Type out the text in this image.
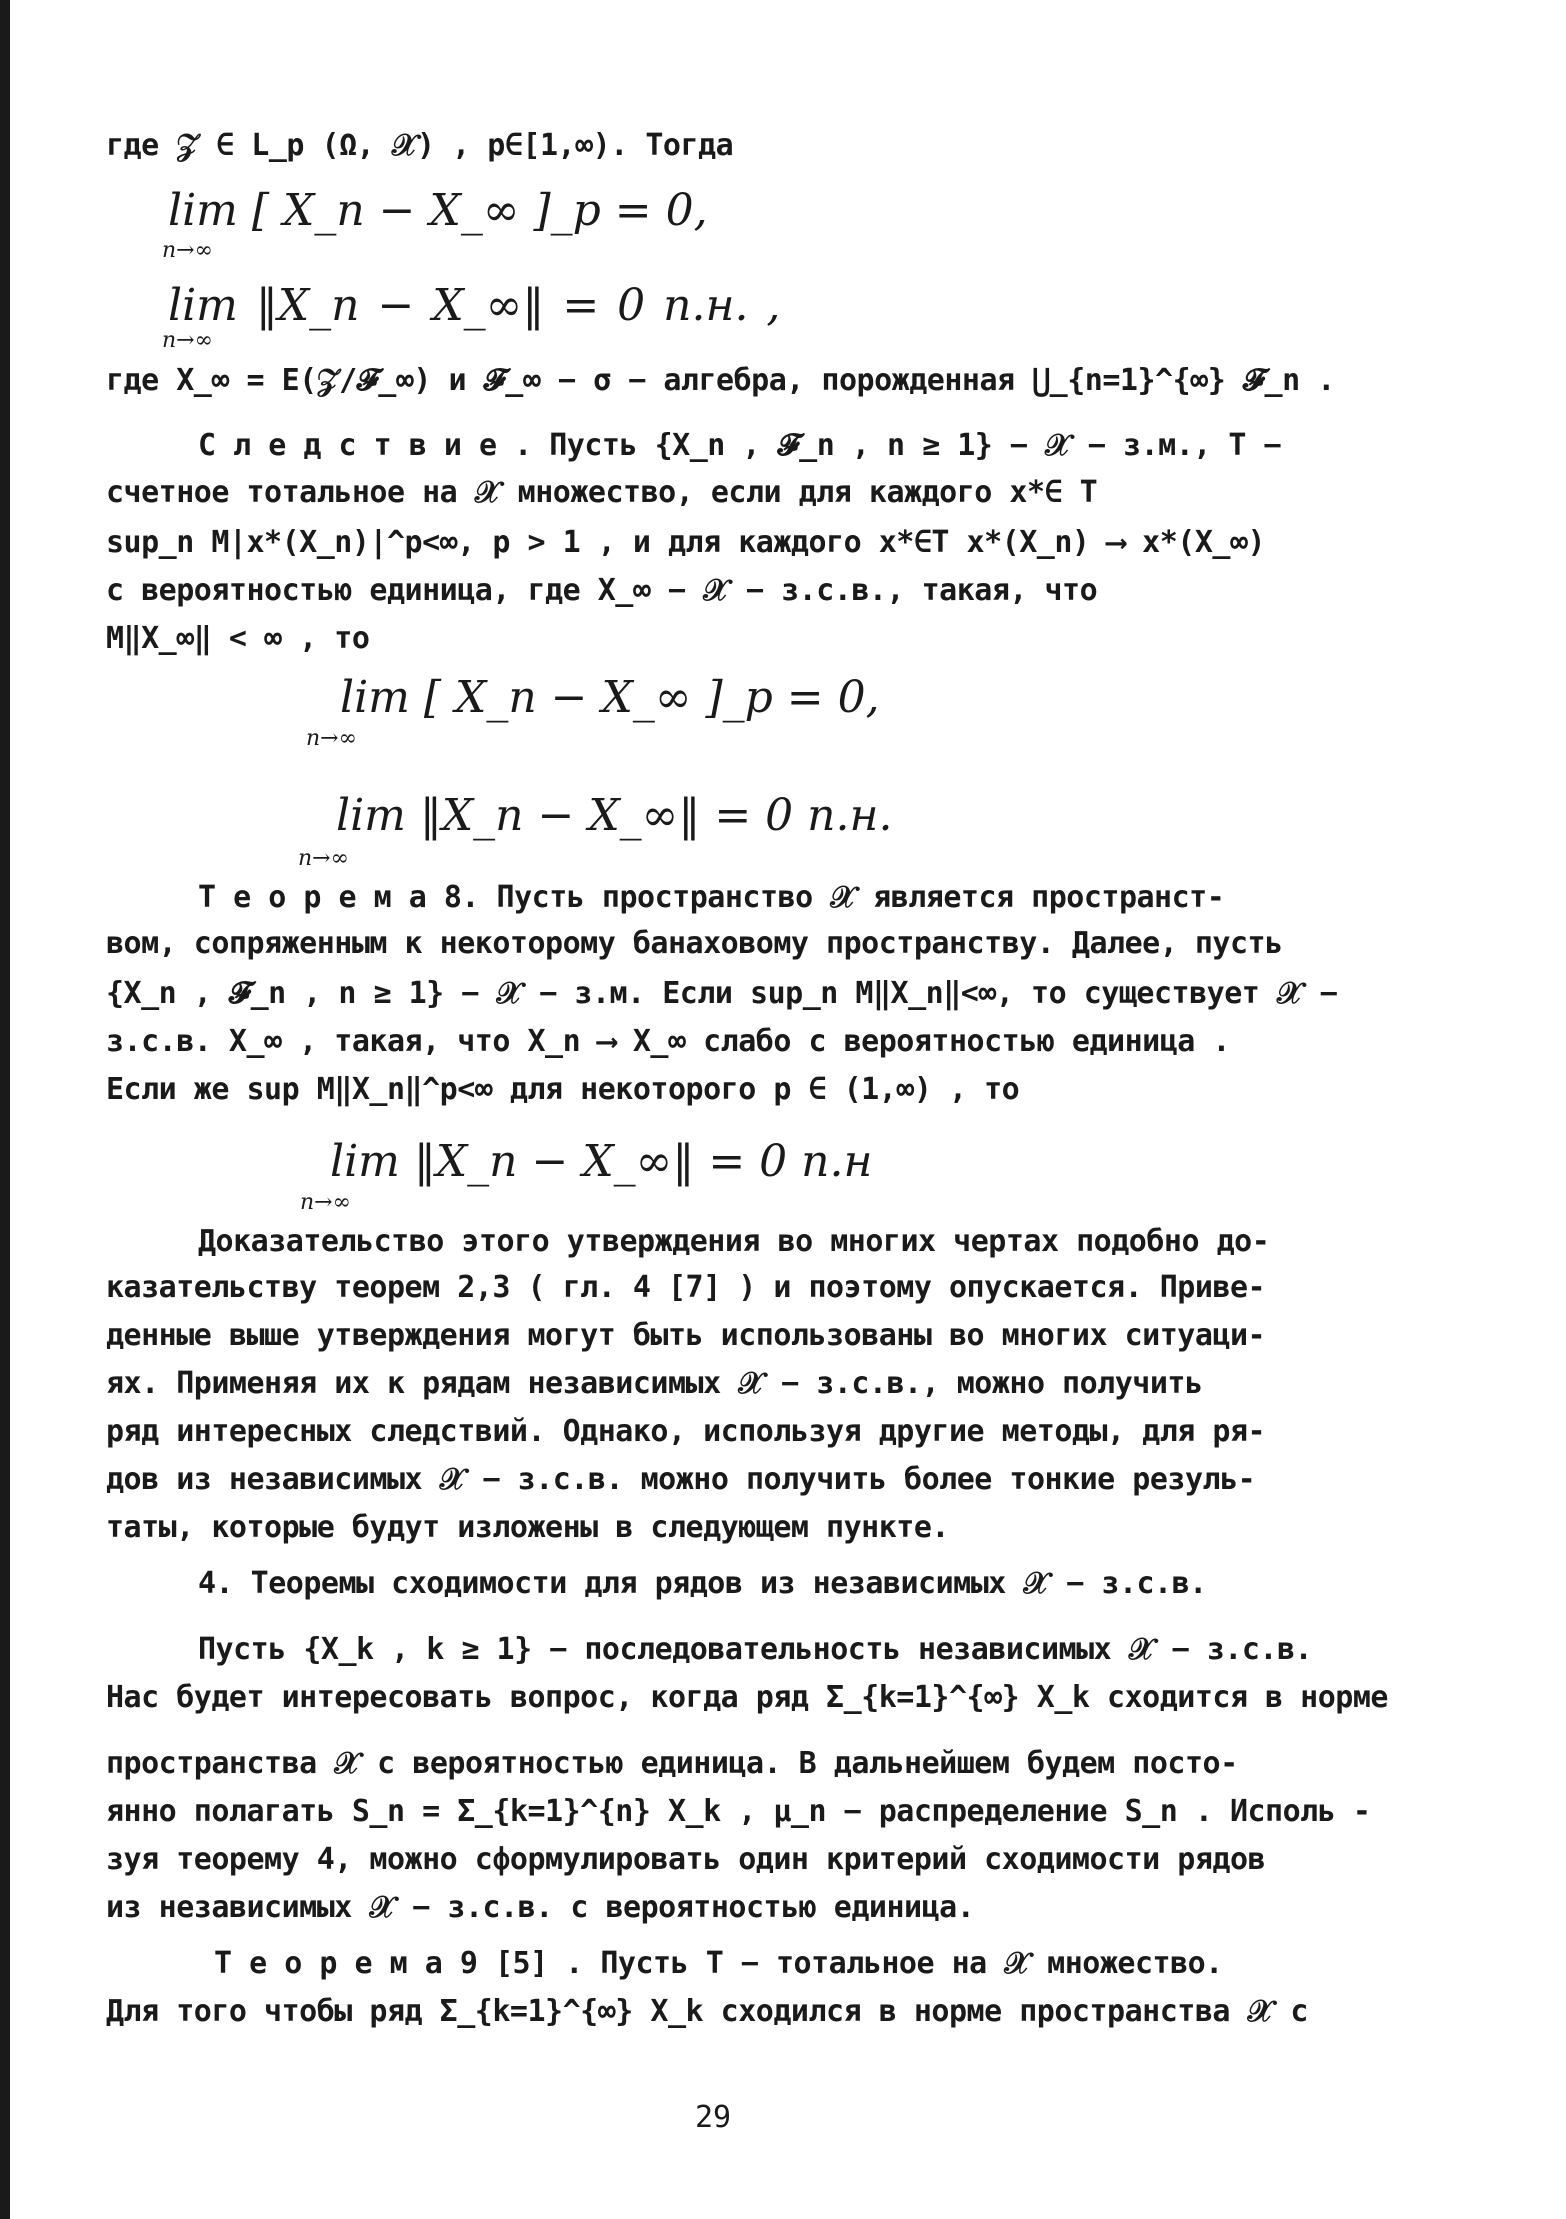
где 𝒵 ∈ L_p (Ω, 𝒳) , p∈[1,∞). Тогда
lim [ X_n − X_∞ ]_p = 0,
n→∞
lim ‖X_n − X_∞‖ = 0 п.н. ,
n→∞
где X_∞ = E(𝒵/𝓕_∞) и 𝓕_∞ − σ − алгебра, порожденная ⋃_{n=1}^{∞} 𝓕_n .
С л е д с т в и е . Пусть {X_n , 𝓕_n , n ≥ 1} − 𝒳 − з.м., T −
счетное тотальное на 𝒳 множество, если для каждого x*∈ T
sup_n M|x*(X_n)|^p<∞, p > 1 , и для каждого x*∈T x*(X_n) ⟶ x*(X_∞)
с вероятностью единица, где X_∞ − 𝒳 − з.с.в., такая, что
M‖X_∞‖ < ∞ , то
lim [ X_n − X_∞ ]_p = 0,
n→∞
lim ‖X_n − X_∞‖ = 0 п.н.
n→∞
Т е о р е м а 8. Пусть пространство 𝒳 является пространст-
вом, сопряженным к некоторому банаховому пространству. Далее, пусть
{X_n , 𝓕_n , n ≥ 1} − 𝒳 − з.м. Если sup_n M‖X_n‖<∞, то существует 𝒳 −
з.с.в. X_∞ , такая, что X_n ⟶ X_∞ слабо с вероятностью единица .
Если же sup M‖X_n‖^p<∞ для некоторого p ∈ (1,∞) , то
lim ‖X_n − X_∞‖ = 0 п.н
n→∞
Доказательство этого утверждения во многих чертах подобно до-
казательству теорем 2,3 ( гл. 4 [7] ) и поэтому опускается. Приве-
денные выше утверждения могут быть использованы во многих ситуаци-
ях. Применяя их к рядам независимых 𝒳 − з.с.в., можно получить
ряд интересных следствий. Однако, используя другие методы, для ря-
дов из независимых 𝒳 − з.с.в. можно получить более тонкие резуль-
таты, которые будут изложены в следующем пункте.
4. Теоремы сходимости для рядов из независимых 𝒳 − з.с.в.
Пусть {X_k , k ≥ 1} − последовательность независимых 𝒳 − з.с.в.
Нас будет интересовать вопрос, когда ряд Σ_{k=1}^{∞} X_k сходится в норме
пространства 𝒳 с вероятностью единица. В дальнейшем будем посто-
янно полагать S_n = Σ_{k=1}^{n} X_k , μ_n − распределение S_n . Исполь -
зуя теорему 4, можно сформулировать один критерий сходимости рядов
из независимых 𝒳 − з.с.в. с вероятностью единица.
Т е о р е м а 9 [5] . Пусть T − тотальное на 𝒳 множество.
Для того чтобы ряд Σ_{k=1}^{∞} X_k сходился в норме пространства 𝒳 с
29
